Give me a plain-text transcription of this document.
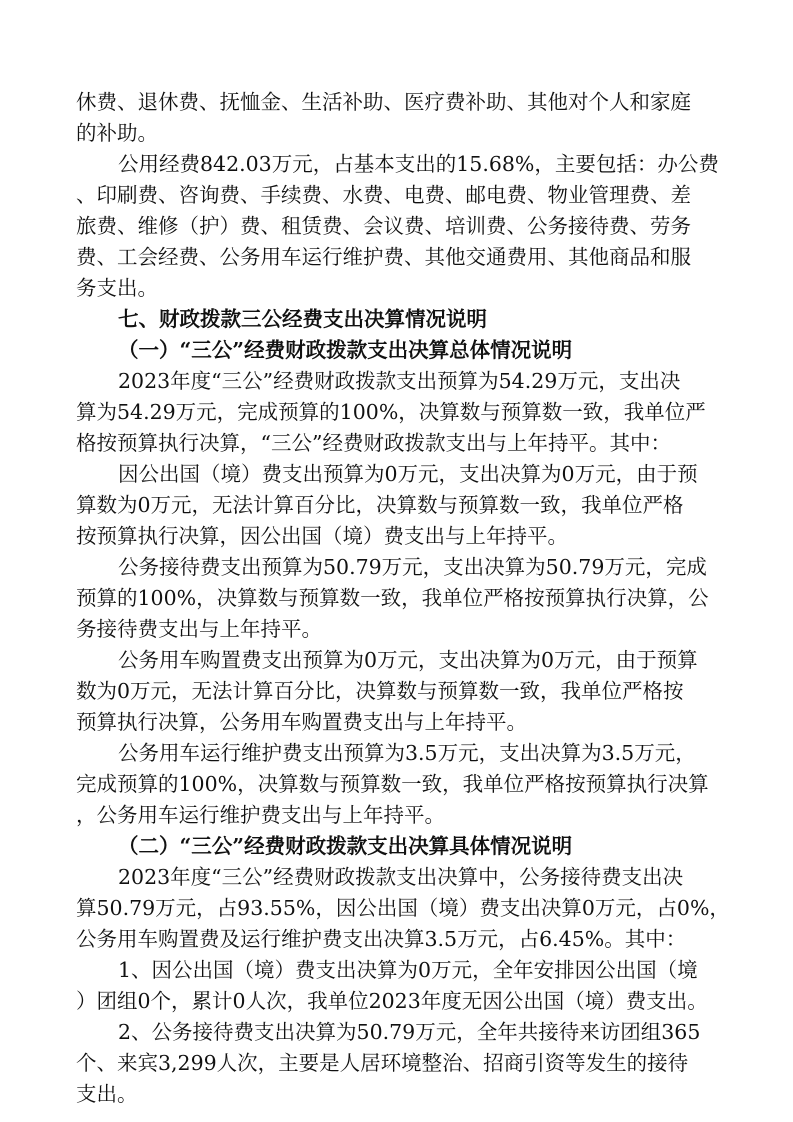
休费、退休费、抚恤金、生活补助、医疗费补助、其他对个人和家庭
的补助。
公用经费842.03万元，占基本支出的15.68%，主要包括：办公费
、印刷费、咨询费、手续费、水费、电费、邮电费、物业管理费、差
旅费、维修（护）费、租赁费、会议费、培训费、公务接待费、劳务
费、工会经费、公务用车运行维护费、其他交通费用、其他商品和服
务支出。
七、财政拨款三公经费支出决算情况说明
（一）“三公”经费财政拨款支出决算总体情况说明
2023年度“三公”经费财政拨款支出预算为54.29万元，支出决
算为54.29万元，完成预算的100%，决算数与预算数一致，我单位严
格按预算执行决算，“三公”经费财政拨款支出与上年持平。其中：
因公出国（境）费支出预算为0万元，支出决算为0万元，由于预
算数为0万元，无法计算百分比，决算数与预算数一致，我单位严格
按预算执行决算，因公出国（境）费支出与上年持平。
公务接待费支出预算为50.79万元，支出决算为50.79万元，完成
预算的100%，决算数与预算数一致，我单位严格按预算执行决算，公
务接待费支出与上年持平。
公务用车购置费支出预算为0万元，支出决算为0万元，由于预算
数为0万元，无法计算百分比，决算数与预算数一致，我单位严格按
预算执行决算，公务用车购置费支出与上年持平。
公务用车运行维护费支出预算为3.5万元，支出决算为3.5万元，
完成预算的100%，决算数与预算数一致，我单位严格按预算执行决算
，公务用车运行维护费支出与上年持平。
（二）“三公”经费财政拨款支出决算具体情况说明
2023年度“三公”经费财政拨款支出决算中，公务接待费支出决
算50.79万元，占93.55%，因公出国（境）费支出决算0万元，占0%，
公务用车购置费及运行维护费支出决算3.5万元，占6.45%。其中：
1、因公出国（境）费支出决算为0万元，全年安排因公出国（境
）团组0个，累计0人次，我单位2023年度无因公出国（境）费支出。
2、公务接待费支出决算为50.79万元，全年共接待来访团组365
个、来宾3,299人次，主要是人居环境整治、招商引资等发生的接待
支出。
